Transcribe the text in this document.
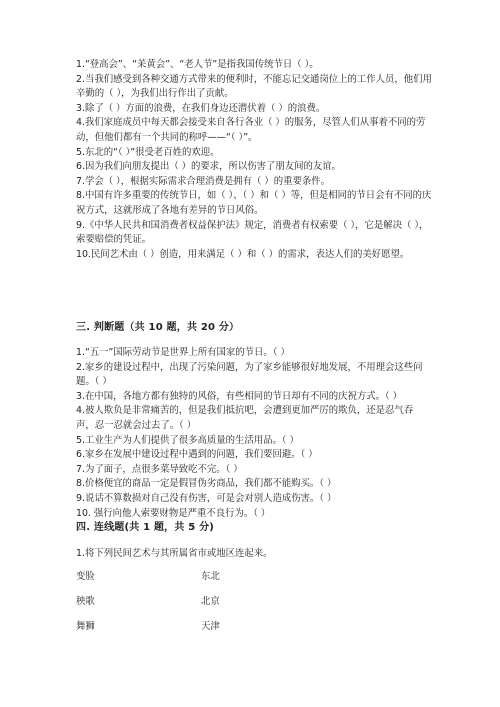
1.“登高会”、“苿黄会”、“老人节”是指我国传统节日（ ）。

2.当我们感受到各种交通方式带来的便利时，不能忘记交通岗位上的工作人员，他们用辛勤的（ ），为我们出行作出了贡献。

3.除了（ ）方面的浪费，在我们身边还潜伏着（ ）的浪费。

4.我们家庭成员中每天都会接受来自各行各业（ ）的服务，尽管人们从事着不同的劳动，但他们都有一个共同的称呼——“（ ）”。

5.东北的“（ ）”很受老百姓的欢迎。

6.因为我们向朋友提出（ ）的要求，所以伤害了朋友间的友谊。

7.学会（ ），根据实际需求合理消费是拥有（ ）的重要条件。

8.中国有许多重要的传统节日，如（ ）、（ ）和（ ）等，但是相同的节日会有不同的庆祝方式，这就形成了各地有差异的节日风俗。

9.《中华人民共和国消费者权益保护法》规定，消费者有权索要（ ），它是解决（ ），索要赔偿的凭证。

10.民间艺术由（ ）创造，用来满足（ ）和（ ）的需求，表达人们的美好愿望。

三. 判断题（共 10 题，共 20 分）

1.“五一”国际劳动节是世界上所有国家的节日。（ ）

2.家乡的建设过程中，出现了污染问题，为了家乡能够很好地发展，不用理会这些问题。（ ）

3.在中国，各地方都有独特的风俗，有些相同的节日却有不同的庆祝方式。（ ）

4.被人欺负是非常痛苦的，但是我们抵抗吧，会遭到更加严厉的欺负，还是忍气吞声，忍一忍就会过去了。（ ）

5.工业生产为人们提供了很多高质量的生活用品。（ ）

6.家乡在发展中建设过程中遇到的问题，我们要回避。（ ）

7.为了面子，点很多菜导致吃不完。（ ）

8.价格便宜的商品一定是假冒伪劣商品，我们都不能购买。（ ）

9.说话不算数损对自己没有伤害，可是会对别人造成伤害。（ ）

10. 强行向他人索要财物是严重不良行为。（ ）

四. 连线题(共 1 题，共 5 分)
1.将下列民间艺术与其所属省市或地区连起来。
变脸	东北
秧歌	北京
舞狮	天津
